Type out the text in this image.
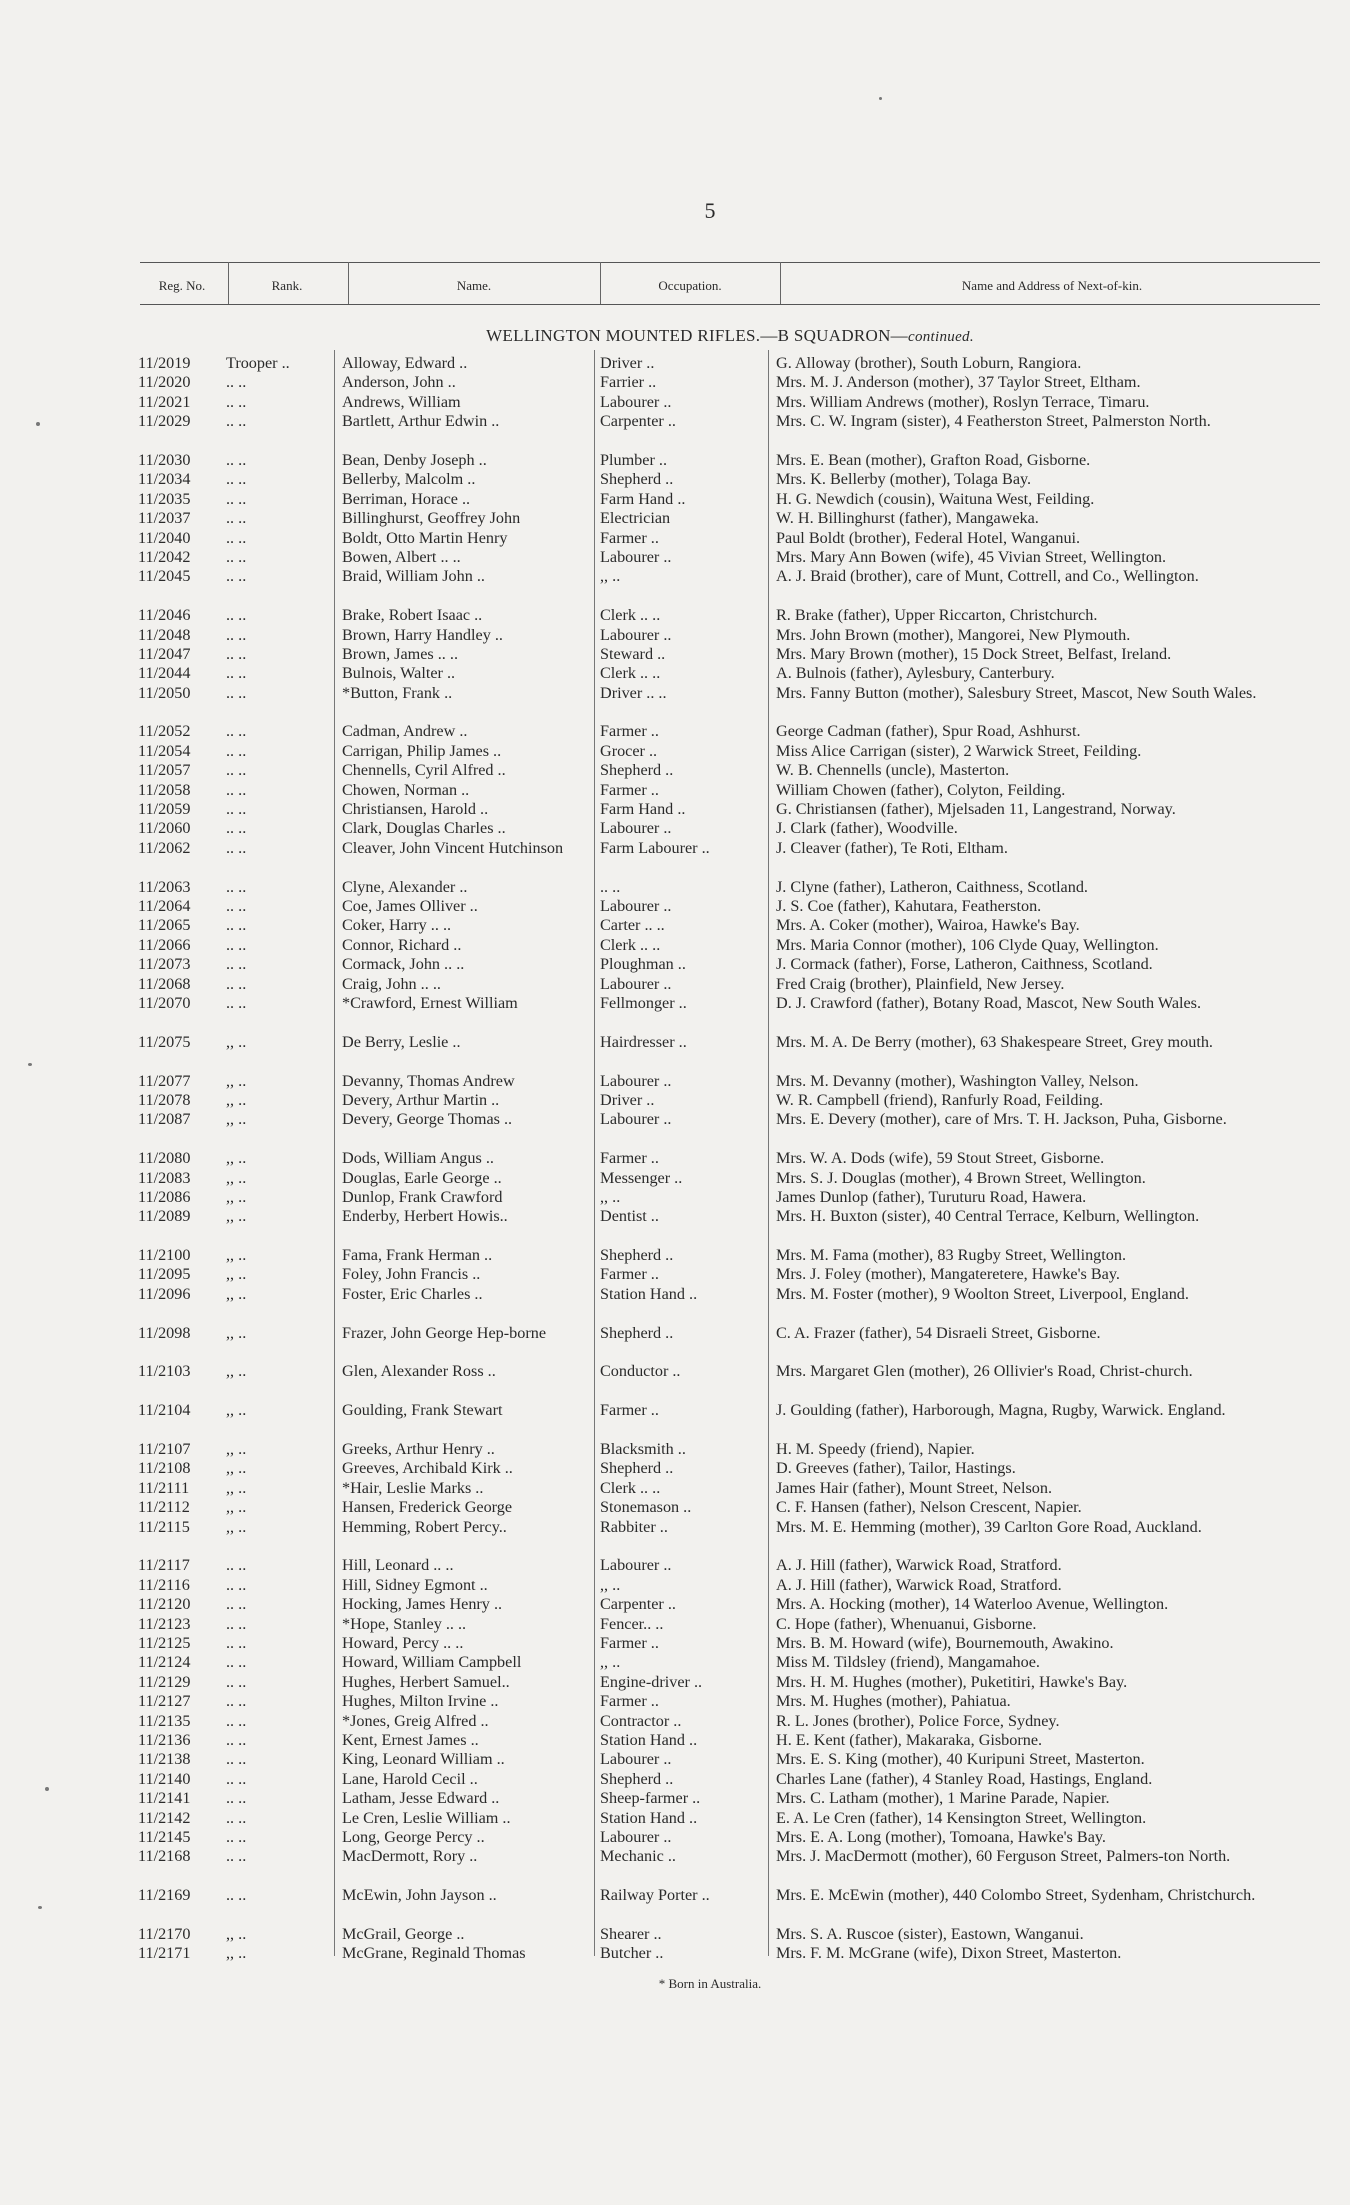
5
Reg. No.	Rank.	Name.	Occupation.	Name and Address of Next-of-kin.
WELLINGTON MOUNTED RIFLES.—B SQUADRON—continued.
11/2019	Trooper ..	Alloway, Edward ..	Driver ..	G. Alloway (brother), South Loburn, Rangiora.
11/2020	.. ..	Anderson, John ..	Farrier ..	Mrs. M. J. Anderson (mother), 37 Taylor Street, Eltham.
11/2021	.. ..	Andrews, William	Labourer ..	Mrs. William Andrews (mother), Roslyn Terrace, Timaru.
11/2029	.. ..	Bartlett, Arthur Edwin ..	Carpenter ..	Mrs. C. W. Ingram (sister), 4 Featherston Street, Palmerston North.
11/2030	.. ..	Bean, Denby Joseph ..	Plumber ..	Mrs. E. Bean (mother), Grafton Road, Gisborne.
11/2034	.. ..	Bellerby, Malcolm ..	Shepherd ..	Mrs. K. Bellerby (mother), Tolaga Bay.
11/2035	.. ..	Berriman, Horace ..	Farm Hand ..	H. G. Newdich (cousin), Waituna West, Feilding.
11/2037	.. ..	Billinghurst, Geoffrey John	Electrician	W. H. Billinghurst (father), Mangaweka.
11/2040	.. ..	Boldt, Otto Martin Henry	Farmer ..	Paul Boldt (brother), Federal Hotel, Wanganui.
11/2042	.. ..	Bowen, Albert .. ..	Labourer ..	Mrs. Mary Ann Bowen (wife), 45 Vivian Street, Wellington.
11/2045	.. ..	Braid, William John ..	,, ..	A. J. Braid (brother), care of Munt, Cottrell, and Co., Wellington.
11/2046	.. ..	Brake, Robert Isaac ..	Clerk .. ..	R. Brake (father), Upper Riccarton, Christchurch.
11/2048	.. ..	Brown, Harry Handley ..	Labourer ..	Mrs. John Brown (mother), Mangorei, New Plymouth.
11/2047	.. ..	Brown, James .. ..	Steward ..	Mrs. Mary Brown (mother), 15 Dock Street, Belfast, Ireland.
11/2044	.. ..	Bulnois, Walter ..	Clerk .. ..	A. Bulnois (father), Aylesbury, Canterbury.
11/2050	.. ..	*Button, Frank ..	Driver .. ..	Mrs. Fanny Button (mother), Salesbury Street, Mascot, New South Wales.
11/2052	.. ..	Cadman, Andrew ..	Farmer ..	George Cadman (father), Spur Road, Ashhurst.
11/2054	.. ..	Carrigan, Philip James ..	Grocer ..	Miss Alice Carrigan (sister), 2 Warwick Street, Feilding.
11/2057	.. ..	Chennells, Cyril Alfred ..	Shepherd ..	W. B. Chennells (uncle), Masterton.
11/2058	.. ..	Chowen, Norman ..	Farmer ..	William Chowen (father), Colyton, Feilding.
11/2059	.. ..	Christiansen, Harold ..	Farm Hand ..	G. Christiansen (father), Mjelsaden 11, Langestrand, Norway.
11/2060	.. ..	Clark, Douglas Charles ..	Labourer ..	J. Clark (father), Woodville.
11/2062	.. ..	Cleaver, John Vincent Hutchinson	Farm Labourer ..	J. Cleaver (father), Te Roti, Eltham.
11/2063	.. ..	Clyne, Alexander ..	.. ..	J. Clyne (father), Latheron, Caithness, Scotland.
11/2064	.. ..	Coe, James Olliver ..	Labourer ..	J. S. Coe (father), Kahutara, Featherston.
11/2065	.. ..	Coker, Harry .. ..	Carter .. ..	Mrs. A. Coker (mother), Wairoa, Hawke's Bay.
11/2066	.. ..	Connor, Richard ..	Clerk .. ..	Mrs. Maria Connor (mother), 106 Clyde Quay, Wellington.
11/2073	.. ..	Cormack, John .. ..	Ploughman ..	J. Cormack (father), Forse, Latheron, Caithness, Scotland.
11/2068	.. ..	Craig, John .. ..	Labourer ..	Fred Craig (brother), Plainfield, New Jersey.
11/2070	.. ..	*Crawford, Ernest William	Fellmonger ..	D. J. Crawford (father), Botany Road, Mascot, New South Wales.
11/2075	,, ..	De Berry, Leslie ..	Hairdresser ..	Mrs. M. A. De Berry (mother), 63 Shakespeare Street, Grey mouth.
11/2077	,, ..	Devanny, Thomas Andrew	Labourer ..	Mrs. M. Devanny (mother), Washington Valley, Nelson.
11/2078	,, ..	Devery, Arthur Martin ..	Driver ..	W. R. Campbell (friend), Ranfurly Road, Feilding.
11/2087	,, ..	Devery, George Thomas ..	Labourer ..	Mrs. E. Devery (mother), care of Mrs. T. H. Jackson, Puha, Gisborne.
11/2080	,, ..	Dods, William Angus ..	Farmer ..	Mrs. W. A. Dods (wife), 59 Stout Street, Gisborne.
11/2083	,, ..	Douglas, Earle George ..	Messenger ..	Mrs. S. J. Douglas (mother), 4 Brown Street, Wellington.
11/2086	,, ..	Dunlop, Frank Crawford	,, ..	James Dunlop (father), Turuturu Road, Hawera.
11/2089	,, ..	Enderby, Herbert Howis..	Dentist ..	Mrs. H. Buxton (sister), 40 Central Terrace, Kelburn, Wellington.
11/2100	,, ..	Fama, Frank Herman ..	Shepherd ..	Mrs. M. Fama (mother), 83 Rugby Street, Wellington.
11/2095	,, ..	Foley, John Francis ..	Farmer ..	Mrs. J. Foley (mother), Mangateretere, Hawke's Bay.
11/2096	,, ..	Foster, Eric Charles ..	Station Hand ..	Mrs. M. Foster (mother), 9 Woolton Street, Liverpool, England.
11/2098	,, ..	Frazer, John George Hep-borne	Shepherd ..	C. A. Frazer (father), 54 Disraeli Street, Gisborne.
11/2103	,, ..	Glen, Alexander Ross ..	Conductor ..	Mrs. Margaret Glen (mother), 26 Ollivier's Road, Christ-church.
11/2104	,, ..	Goulding, Frank Stewart	Farmer ..	J. Goulding (father), Harborough, Magna, Rugby, Warwick. England.
11/2107	,, ..	Greeks, Arthur Henry ..	Blacksmith ..	H. M. Speedy (friend), Napier.
11/2108	,, ..	Greeves, Archibald Kirk ..	Shepherd ..	D. Greeves (father), Tailor, Hastings.
11/2111	,, ..	*Hair, Leslie Marks ..	Clerk .. ..	James Hair (father), Mount Street, Nelson.
11/2112	,, ..	Hansen, Frederick George	Stonemason ..	C. F. Hansen (father), Nelson Crescent, Napier.
11/2115	,, ..	Hemming, Robert Percy..	Rabbiter ..	Mrs. M. E. Hemming (mother), 39 Carlton Gore Road, Auckland.
11/2117	.. ..	Hill, Leonard .. ..	Labourer ..	A. J. Hill (father), Warwick Road, Stratford.
11/2116	.. ..	Hill, Sidney Egmont ..	,, ..	A. J. Hill (father), Warwick Road, Stratford.
11/2120	.. ..	Hocking, James Henry ..	Carpenter ..	Mrs. A. Hocking (mother), 14 Waterloo Avenue, Wellington.
11/2123	.. ..	*Hope, Stanley .. ..	Fencer.. ..	C. Hope (father), Whenuanui, Gisborne.
11/2125	.. ..	Howard, Percy .. ..	Farmer ..	Mrs. B. M. Howard (wife), Bournemouth, Awakino.
11/2124	.. ..	Howard, William Campbell	,, ..	Miss M. Tildsley (friend), Mangamahoe.
11/2129	.. ..	Hughes, Herbert Samuel..	Engine-driver ..	Mrs. H. M. Hughes (mother), Puketitiri, Hawke's Bay.
11/2127	.. ..	Hughes, Milton Irvine ..	Farmer ..	Mrs. M. Hughes (mother), Pahiatua.
11/2135	.. ..	*Jones, Greig Alfred ..	Contractor ..	R. L. Jones (brother), Police Force, Sydney.
11/2136	.. ..	Kent, Ernest James ..	Station Hand ..	H. E. Kent (father), Makaraka, Gisborne.
11/2138	.. ..	King, Leonard William ..	Labourer ..	Mrs. E. S. King (mother), 40 Kuripuni Street, Masterton.
11/2140	.. ..	Lane, Harold Cecil ..	Shepherd ..	Charles Lane (father), 4 Stanley Road, Hastings, England.
11/2141	.. ..	Latham, Jesse Edward ..	Sheep-farmer ..	Mrs. C. Latham (mother), 1 Marine Parade, Napier.
11/2142	.. ..	Le Cren, Leslie William ..	Station Hand ..	E. A. Le Cren (father), 14 Kensington Street, Wellington.
11/2145	.. ..	Long, George Percy ..	Labourer ..	Mrs. E. A. Long (mother), Tomoana, Hawke's Bay.
11/2168	.. ..	MacDermott, Rory ..	Mechanic ..	Mrs. J. MacDermott (mother), 60 Ferguson Street, Palmers-ton North.
11/2169	.. ..	McEwin, John Jayson ..	Railway Porter ..	Mrs. E. McEwin (mother), 440 Colombo Street, Sydenham, Christchurch.
11/2170	,, ..	McGrail, George ..	Shearer ..	Mrs. S. A. Ruscoe (sister), Eastown, Wanganui.
11/2171	,, ..	McGrane, Reginald Thomas	Butcher ..	Mrs. F. M. McGrane (wife), Dixon Street, Masterton.
* Born in Australia.
